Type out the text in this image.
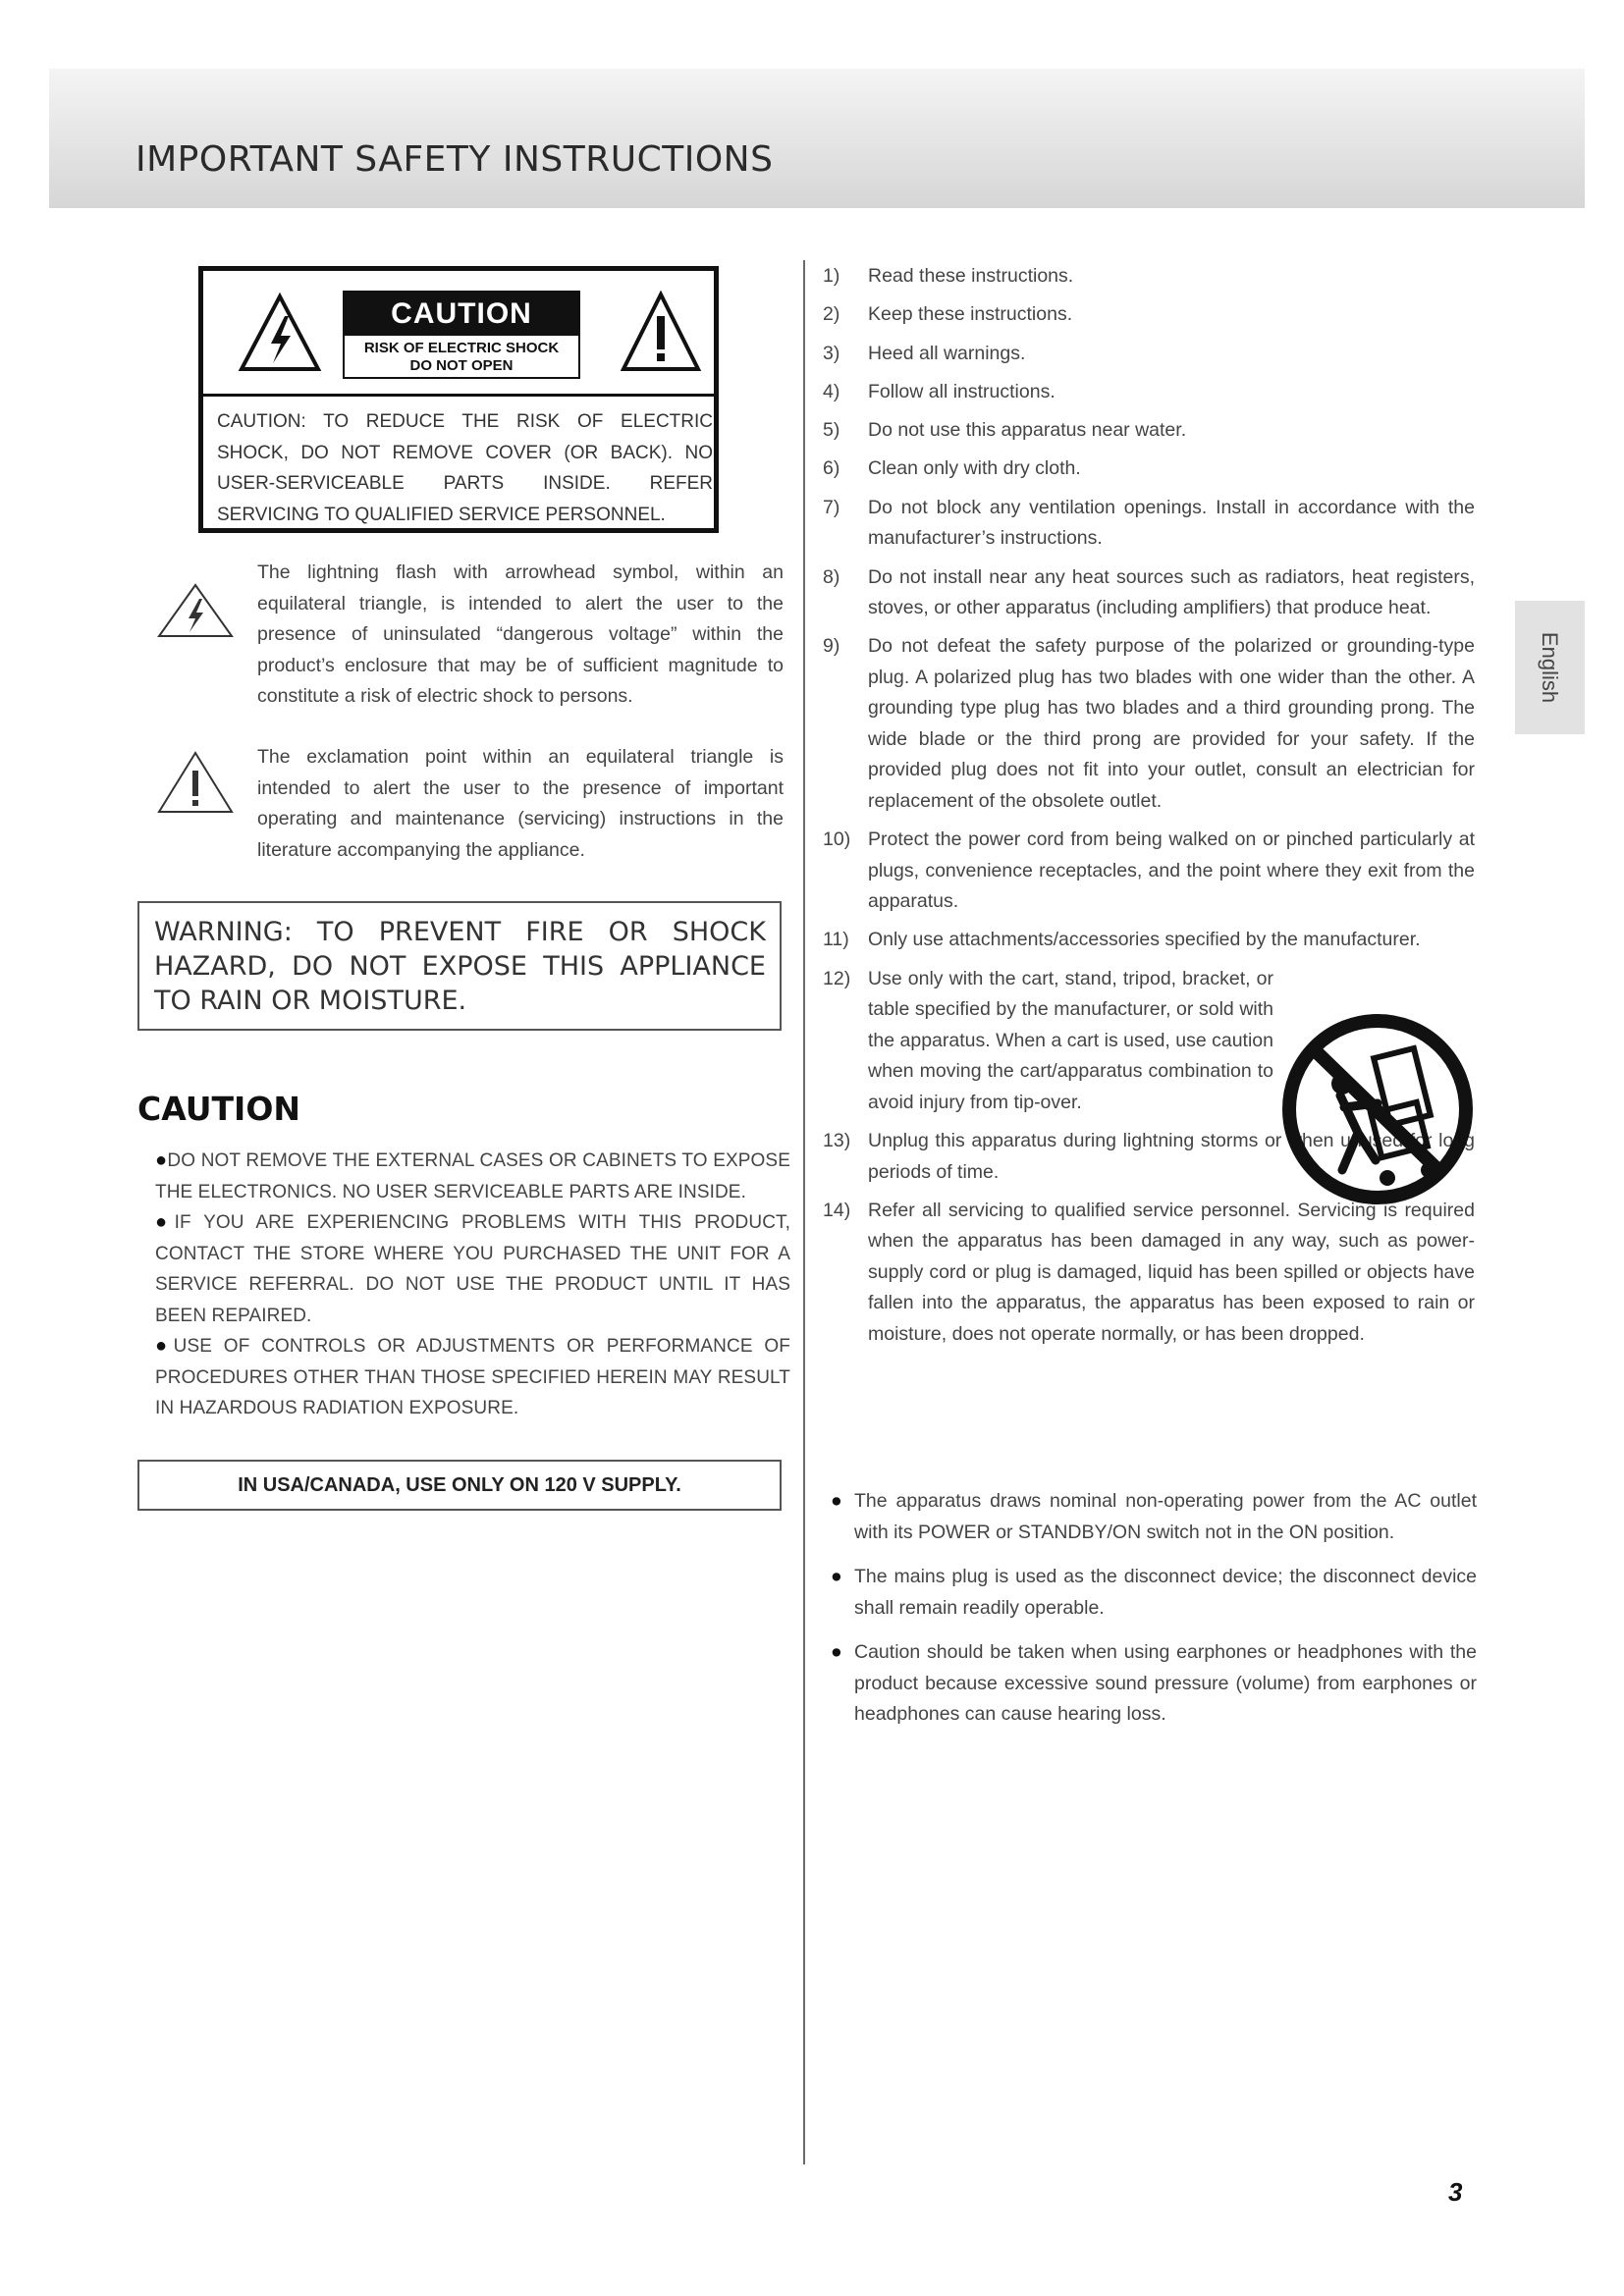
IMPORTANT SAFETY INSTRUCTIONS
English
CAUTION
RISK OF ELECTRIC SHOCK
DO NOT OPEN
CAUTION: TO REDUCE THE RISK OF ELECTRIC SHOCK, DO NOT REMOVE COVER (OR BACK). NO USER-SERVICEABLE PARTS INSIDE. REFER SERVICING TO QUALIFIED SERVICE PERSONNEL.
The lightning flash with arrowhead symbol, within an equilateral triangle, is intended to alert the user to the presence of uninsulated “dangerous voltage” within the product’s enclosure that may be of sufficient magnitude to constitute a risk of electric shock to persons.
The exclamation point within an equilateral triangle is intended to alert the user to the presence of important operating and maintenance (servicing) instructions in the literature accompanying the appliance.
WARNING: TO PREVENT FIRE OR SHOCK HAZARD, DO NOT EXPOSE THIS APPLIANCE TO RAIN OR MOISTURE.
CAUTION
●DO NOT REMOVE THE EXTERNAL CASES OR CABINETS TO EXPOSE THE ELECTRONICS. NO USER SERVICEABLE PARTS ARE INSIDE.
●IF YOU ARE EXPERIENCING PROBLEMS WITH THIS PRODUCT, CONTACT THE STORE WHERE YOU PURCHASED THE UNIT FOR A SERVICE REFERRAL. DO NOT USE THE PRODUCT UNTIL IT HAS BEEN REPAIRED.
●USE OF CONTROLS OR ADJUSTMENTS OR PERFORMANCE OF PROCEDURES OTHER THAN THOSE SPECIFIED HEREIN MAY RESULT IN HAZARDOUS RADIATION EXPOSURE.
IN USA/CANADA, USE ONLY ON 120 V SUPPLY.
1) Read these instructions.
2) Keep these instructions.
3) Heed all warnings.
4) Follow all instructions.
5) Do not use this apparatus near water.
6) Clean only with dry cloth.
7) Do not block any ventilation openings. Install in accordance with the manufacturer’s instructions.
8) Do not install near any heat sources such as radiators, heat registers, stoves, or other apparatus (including amplifiers) that produce heat.
9) Do not defeat the safety purpose of the polarized or grounding-type plug. A polarized plug has two blades with one wider than the other. A grounding type plug has two blades and a third grounding prong. The wide blade or the third prong are provided for your safety. If the provided plug does not fit into your outlet, consult an electrician for replacement of the obsolete outlet.
10) Protect the power cord from being walked on or pinched particularly at plugs, convenience receptacles, and the point where they exit from the apparatus.
11) Only use attachments/accessories specified by the manufacturer.
12) Use only with the cart, stand, tripod, bracket, or table specified by the manufacturer, or sold with the apparatus. When a cart is used, use caution when moving the cart/apparatus combination to avoid injury from tip-over.
13) Unplug this apparatus during lightning storms or when unused for long periods of time.
14) Refer all servicing to qualified service personnel. Servicing is required when the apparatus has been damaged in any way, such as power-supply cord or plug is damaged, liquid has been spilled or objects have fallen into the apparatus, the apparatus has been exposed to rain or moisture, does not operate normally, or has been dropped.
● The apparatus draws nominal non-operating power from the AC outlet with its POWER or STANDBY/ON switch not in the ON position.
● The mains plug is used as the disconnect device; the disconnect device shall remain readily operable.
● Caution should be taken when using earphones or headphones with the product because excessive sound pressure (volume) from earphones or headphones can cause hearing loss.
3
